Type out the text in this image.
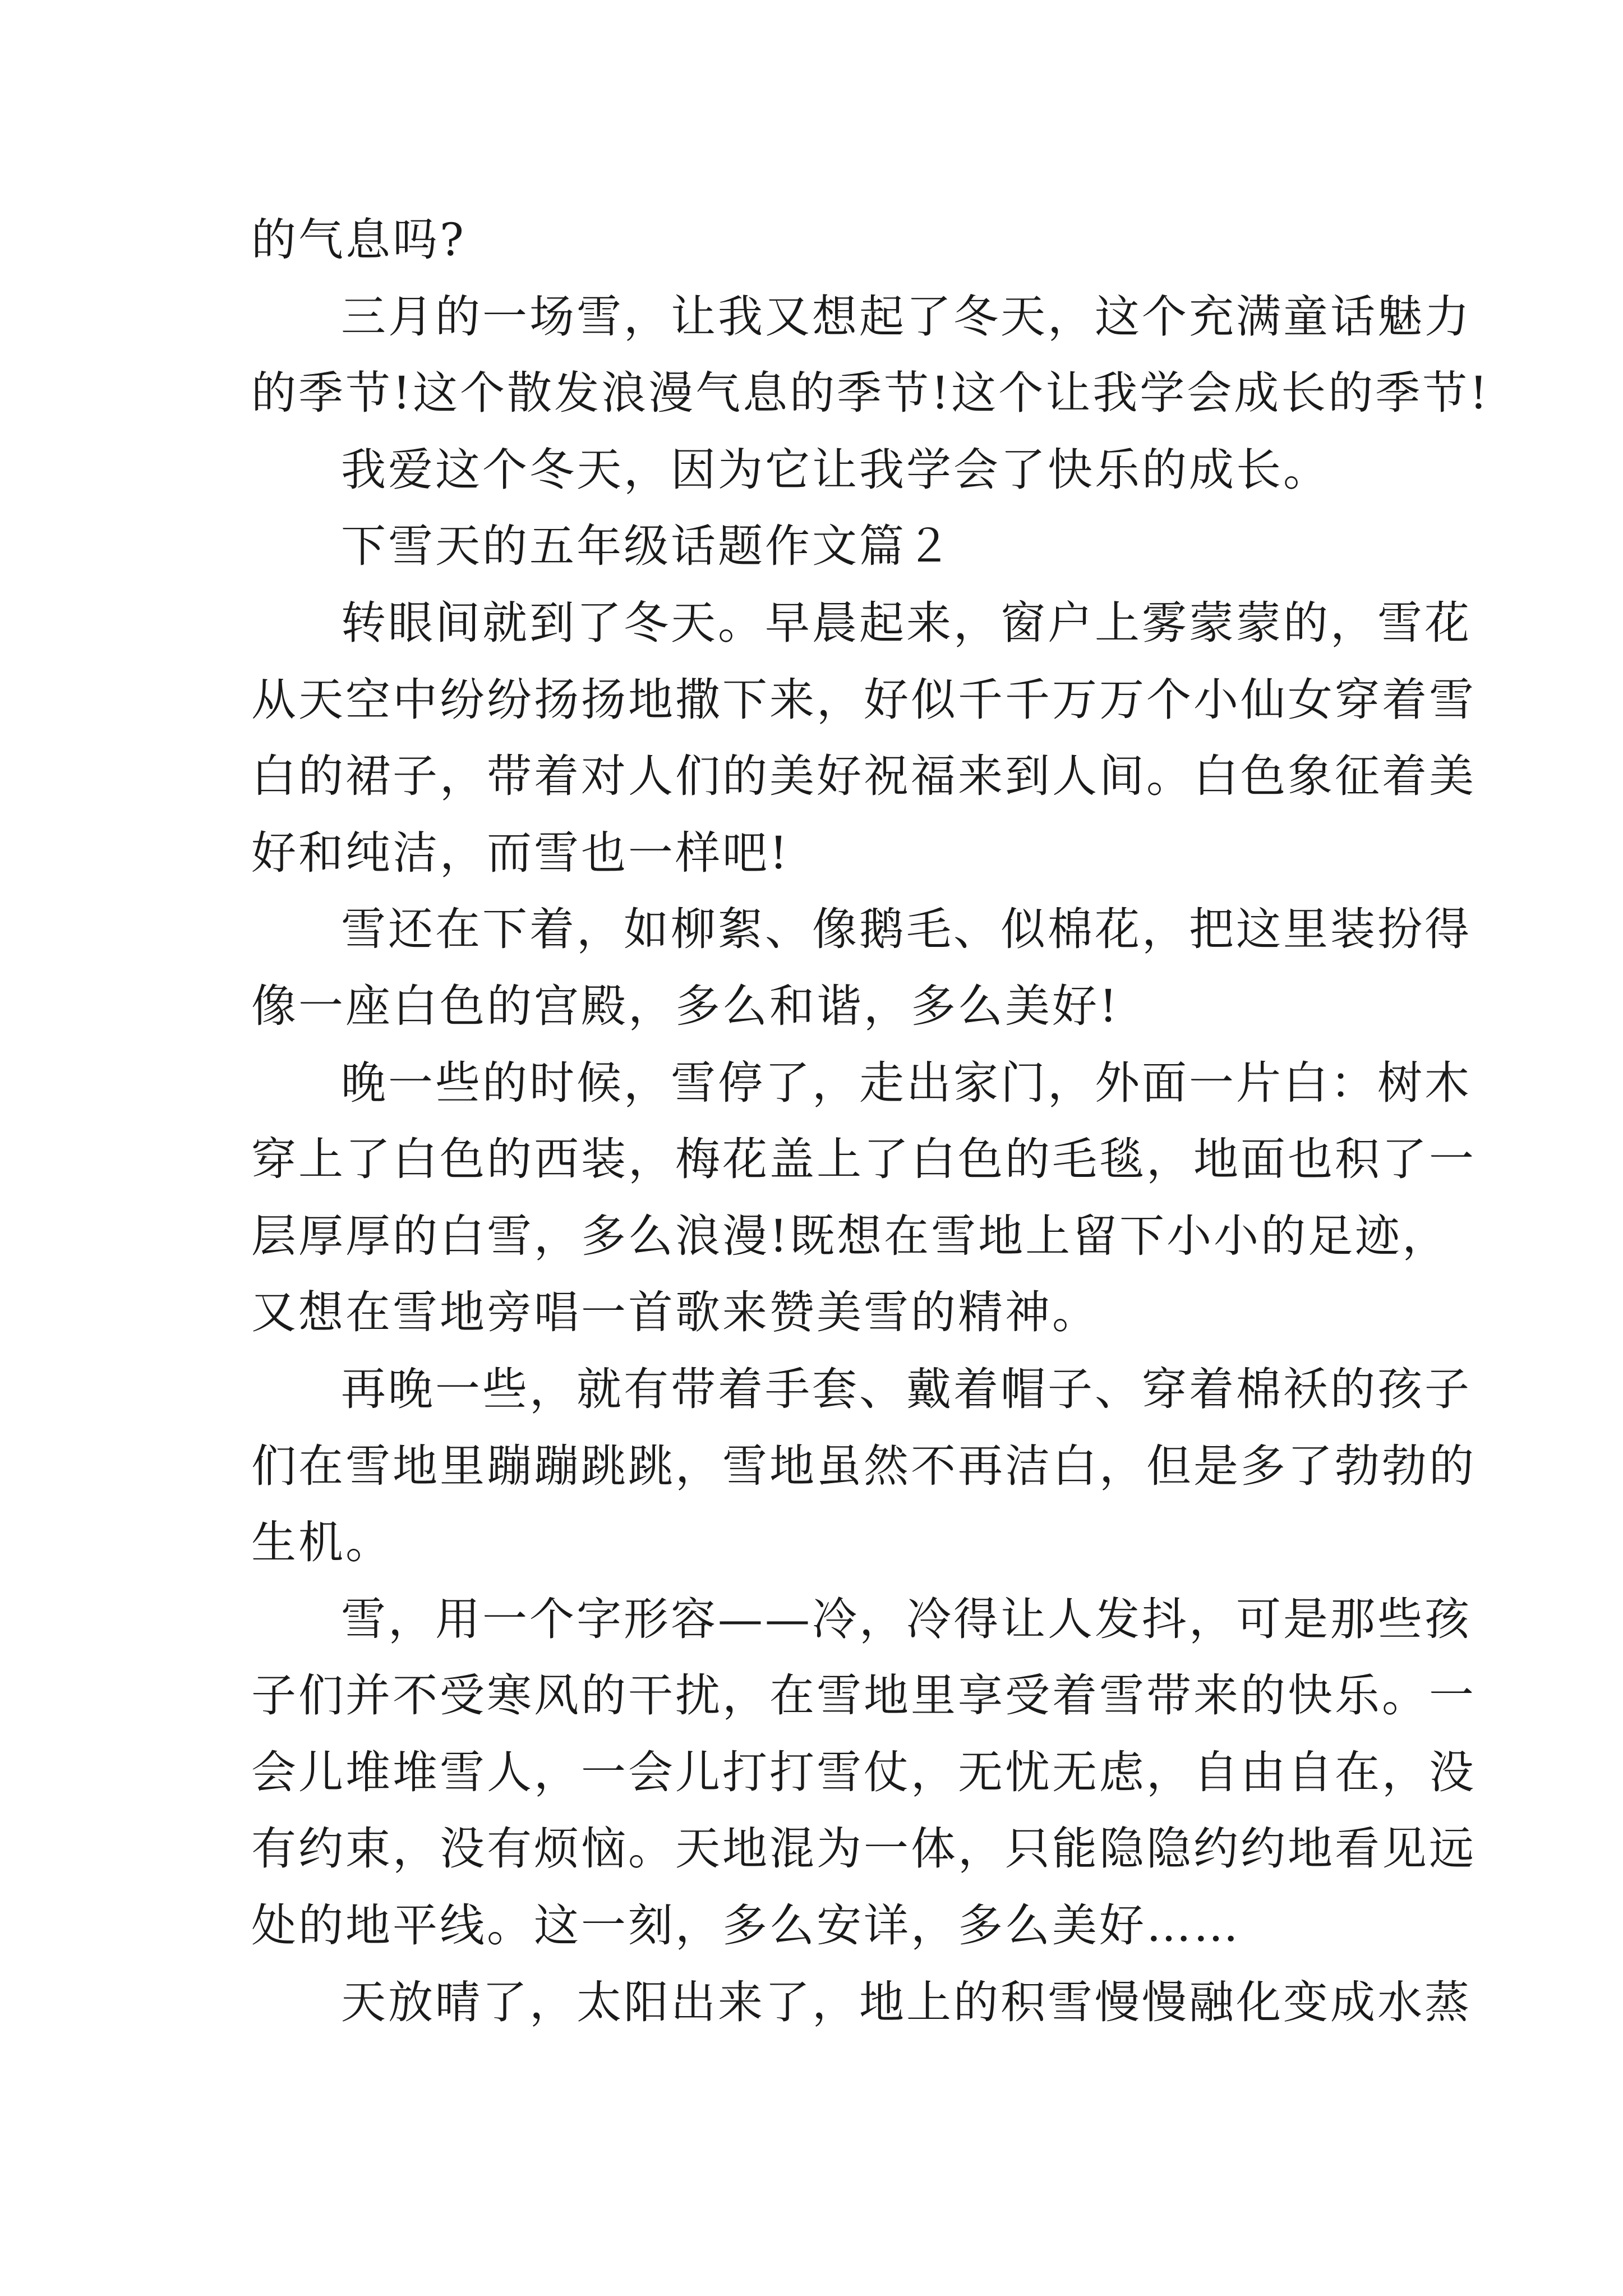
的气息吗?
三月的一场雪，让我又想起了冬天，这个充满童话魅力
的季节!这个散发浪漫气息的季节!这个让我学会成长的季节!
我爱这个冬天，因为它让我学会了快乐的成长。
下雪天的五年级话题作文篇２
转眼间就到了冬天。早晨起来，窗户上雾蒙蒙的，雪花
从天空中纷纷扬扬地撒下来，好似千千万万个小仙女穿着雪
白的裙子，带着对人们的美好祝福来到人间。白色象征着美
好和纯洁，而雪也一样吧!
雪还在下着，如柳絮、像鹅毛、似棉花，把这里装扮得
像一座白色的宫殿，多么和谐，多么美好!
晚一些的时候，雪停了，走出家门，外面一片白：树木
穿上了白色的西装，梅花盖上了白色的毛毯，地面也积了一
层厚厚的白雪，多么浪漫!既想在雪地上留下小小的足迹，
又想在雪地旁唱一首歌来赞美雪的精神。
再晚一些，就有带着手套、戴着帽子、穿着棉袄的孩子
们在雪地里蹦蹦跳跳，雪地虽然不再洁白，但是多了勃勃的
生机。
雪，用一个字形容——冷，冷得让人发抖，可是那些孩
子们并不受寒风的干扰，在雪地里享受着雪带来的快乐。一
会儿堆堆雪人，一会儿打打雪仗，无忧无虑，自由自在，没
有约束，没有烦恼。天地混为一体，只能隐隐约约地看见远
处的地平线。这一刻，多么安详，多么美好……
天放晴了，太阳出来了，地上的积雪慢慢融化变成水蒸
